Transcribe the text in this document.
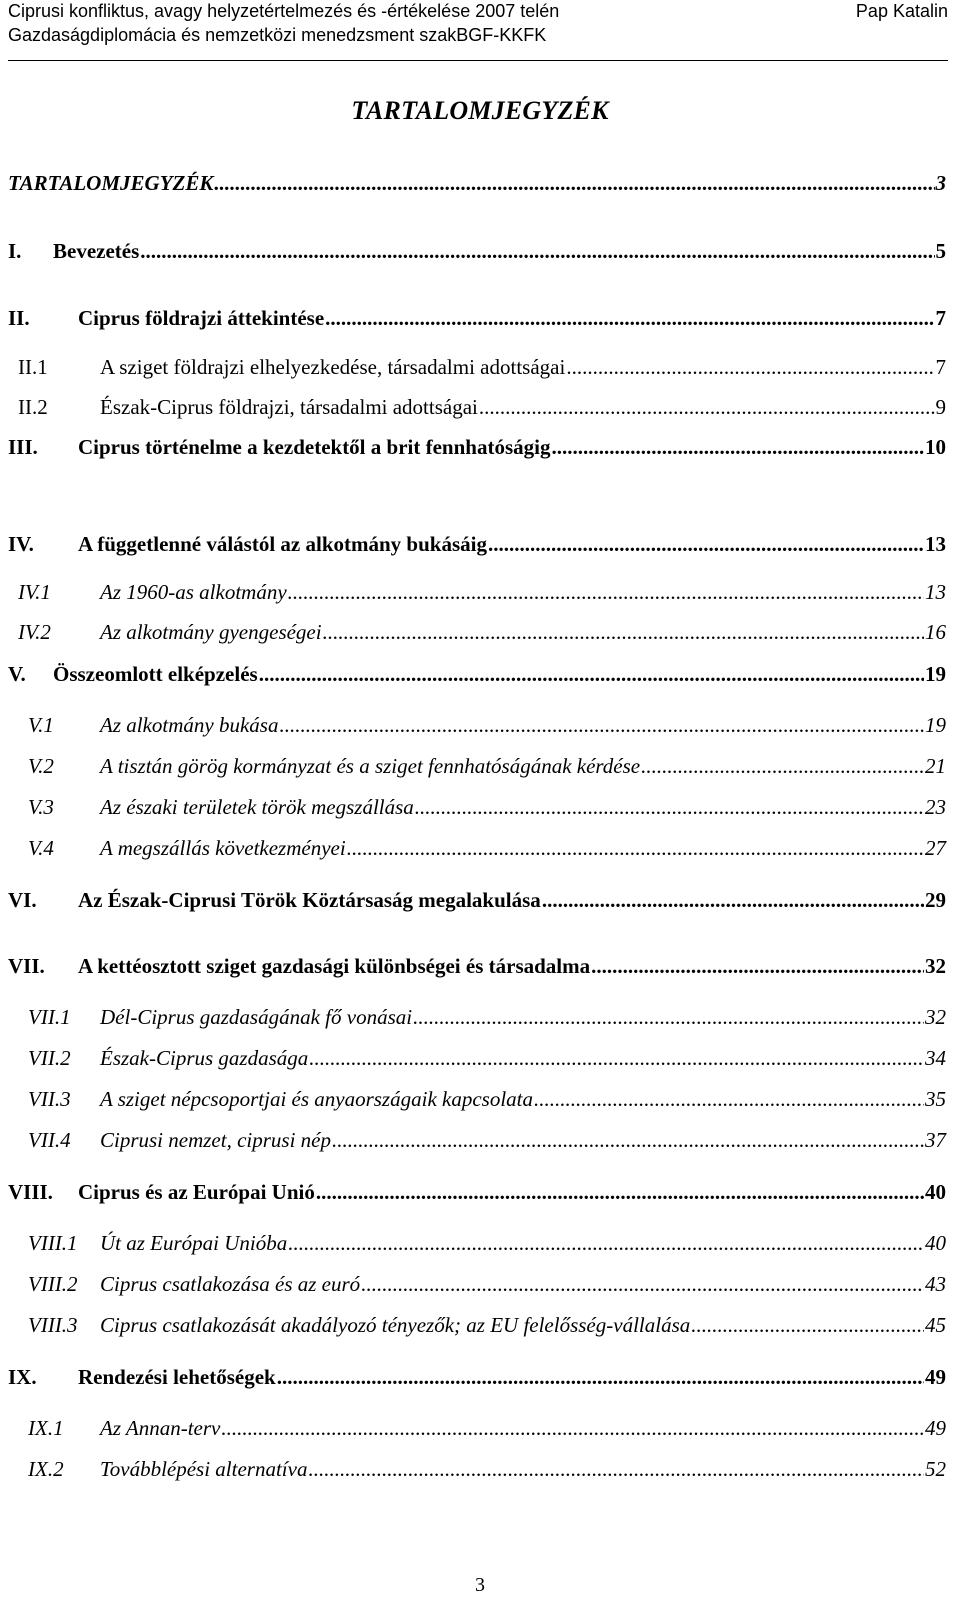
Ciprusi konfliktus, avagy helyzetértelmezés és -értékelése 2007 telén
Gazdaságdiplomácia és nemzetközi menedzsment szakBGF-KKFK
Pap Katalin
TARTALOMJEGYZÉK
TARTALOMJEGYZÉK .....	3
I.	Bevezetés .....	5
II.	Ciprus földrajzi áttekintése .....	7
II.1	A sziget földrajzi elhelyezkedése, társadalmi adottságai .....	7
II.2	Észak-Ciprus földrajzi, társadalmi adottságai .....	9
III.	Ciprus történelme a kezdetektől a brit fennhatóságig .....	10
IV.	A függetlenné válástól az alkotmány bukásáig .....	13
IV.1	Az 1960-as alkotmány .....	13
IV.2	Az alkotmány gyengeségei .....	16
V.	Összeomlott elképzelés .....	19
V.1	Az alkotmány bukása .....	19
V.2	A tisztán görög kormányzat és a sziget fennhatóságának kérdése .....	21
V.3	Az északi területek török megszállása .....	23
V.4	A megszállás következményei .....	27
VI.	Az Észak-Ciprusi Török Köztársaság megalakulása .....	29
VII.	A kettéosztott sziget gazdasági különbségei és társadalma .....	32
VII.1	Dél-Ciprus gazdaságának fő vonásai .....	32
VII.2	Észak-Ciprus gazdasága .....	34
VII.3	A sziget népcsoportjai és anyaországaik kapcsolata .....	35
VII.4	Ciprusi nemzet, ciprusi nép .....	37
VIII.	Ciprus és az Európai Unió .....	40
VIII.1	Út az Európai Unióba .....	40
VIII.2	Ciprus csatlakozása és az euró .....	43
VIII.3	Ciprus csatlakozását akadályozó tényezők; az EU felelősség-vállalása .....	45
IX.	Rendezési lehetőségek .....	49
IX.1	Az Annan-terv .....	49
IX.2	Továbblépési alternatíva .....	52
3
